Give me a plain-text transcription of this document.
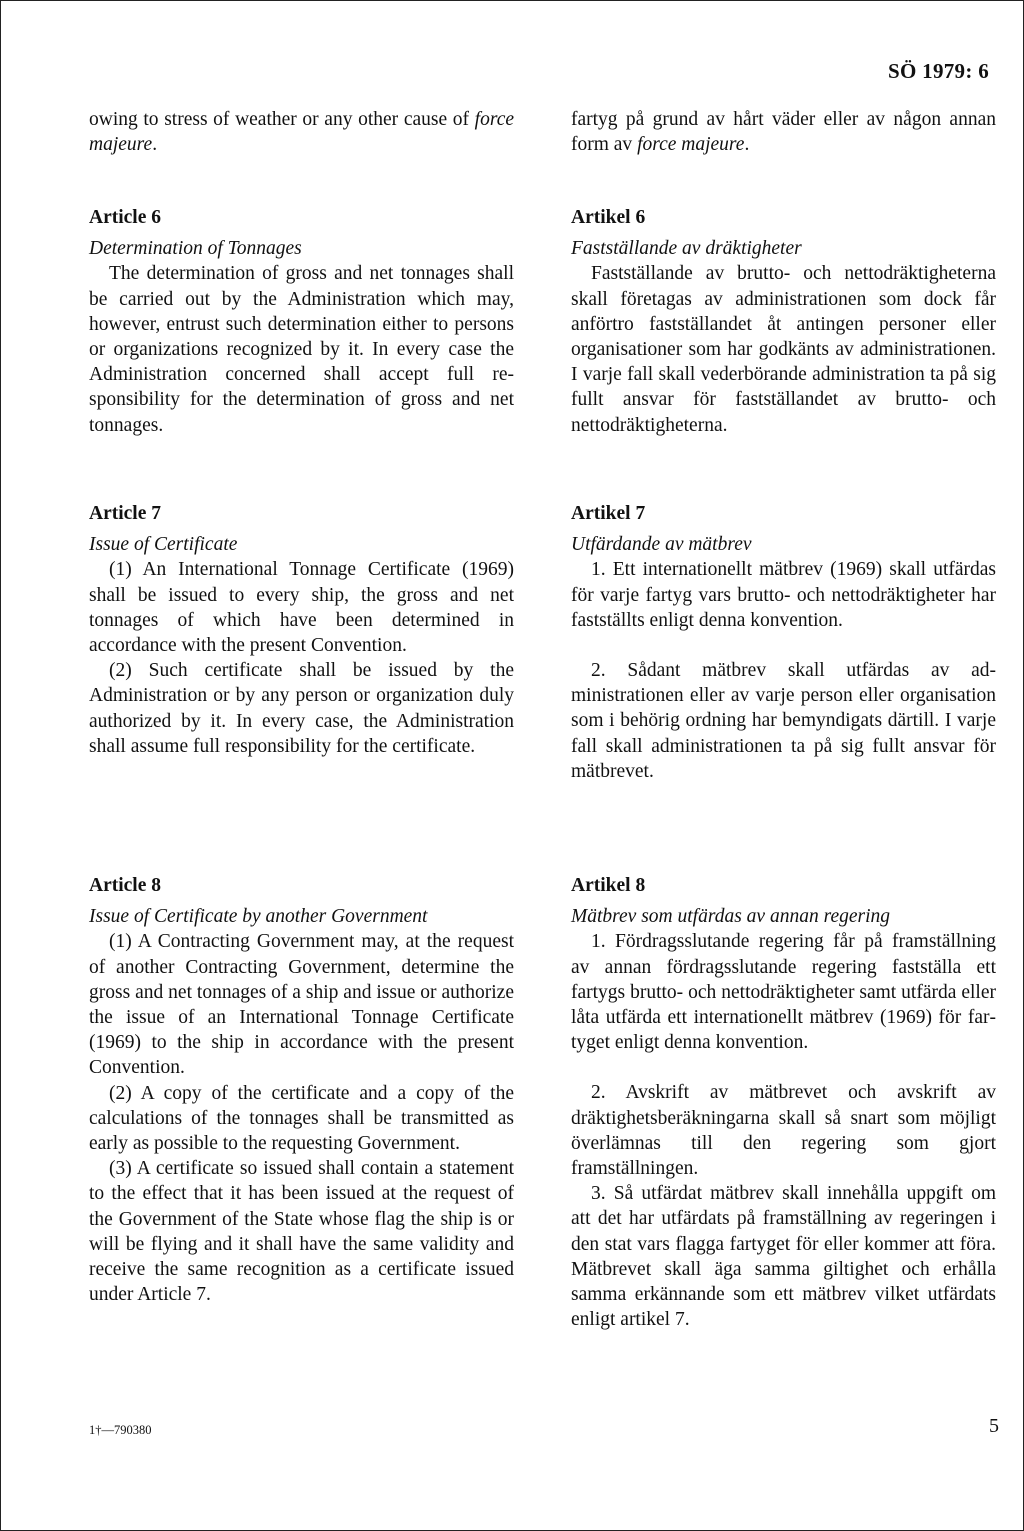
SÖ 1979: 6

owing to stress of weather or any other cause of force majeure.

Article 6

Determination of Tonnages

The determination of gross and net tonnages shall be carried out by the Administration which may, however, entrust such determination either to persons or organizations recognized by it. In every case the Administration concerned shall accept full responsibility for the determination of gross and net tonnages.

Article 7

Issue of Certificate

(1) An International Tonnage Certificate (1969) shall be issued to every ship, the gross and net tonnages of which have been determined in accordance with the present Convention.

(2) Such certificate shall be issued by the Administration or by any person or organization duly authorized by it. In every case, the Administration shall assume full responsibility for the certificate.

Article 8

Issue of Certificate by another Government

(1) A Contracting Government may, at the request of another Contracting Government, determine the gross and net tonnages of a ship and issue or authorize the issue of an International Tonnage Certificate (1969) to the ship in accordance with the present Convention.

(2) A copy of the certificate and a copy of the calculations of the tonnages shall be transmitted as early as possible to the requesting Government.

(3) A certificate so issued shall contain a statement to the effect that it has been issued at the request of the Government of the State whose flag the ship is or will be flying and it shall have the same validity and receive the same recognition as a certificate issued under Article 7.

fartyg på grund av hårt väder eller av någon annan form av force majeure.

Artikel 6

Fastställande av dräktigheter

Fastställande av brutto- och nettodräktigheterna skall företagas av administrationen som dock får anförtro fastställandet åt antingen personer eller organisationer som har godkänts av administrationen. I varje fall skall vederbörande administration ta på sig fullt ansvar för fastställandet av brutto- och nettodräktigheterna.

Artikel 7

Utfärdande av mätbrev

1. Ett internationellt mätbrev (1969) skall utfärdas för varje fartyg vars brutto- och nettodräktigheter har fastställts enligt denna konvention.

2. Sådant mätbrev skall utfärdas av administrationen eller av varje person eller organisation som i behörig ordning har bemyndigats därtill. I varje fall skall administrationen ta på sig fullt ansvar för mätbrevet.

Artikel 8

Mätbrev som utfärdas av annan regering

1. Fördragsslutande regering får på framställning av annan fördragsslutande regering fastställa ett fartygs brutto- och nettodräktigheter samt utfärda eller låta utfärda ett internationellt mätbrev (1969) för fartyget enligt denna konvention.

2. Avskrift av mätbrevet och avskrift av dräktighetsberäkningarna skall så snart som möjligt överlämnas till den regering som gjort framställningen.

3. Så utfärdat mätbrev skall innehålla uppgift om att det har utfärdats på framställning av regeringen i den stat vars flagga fartyget för eller kommer att föra. Mätbrevet skall äga samma giltighet och erhålla samma erkännande som ett mätbrev vilket utfärdats enligt artikel 7.

1†—790380	5
